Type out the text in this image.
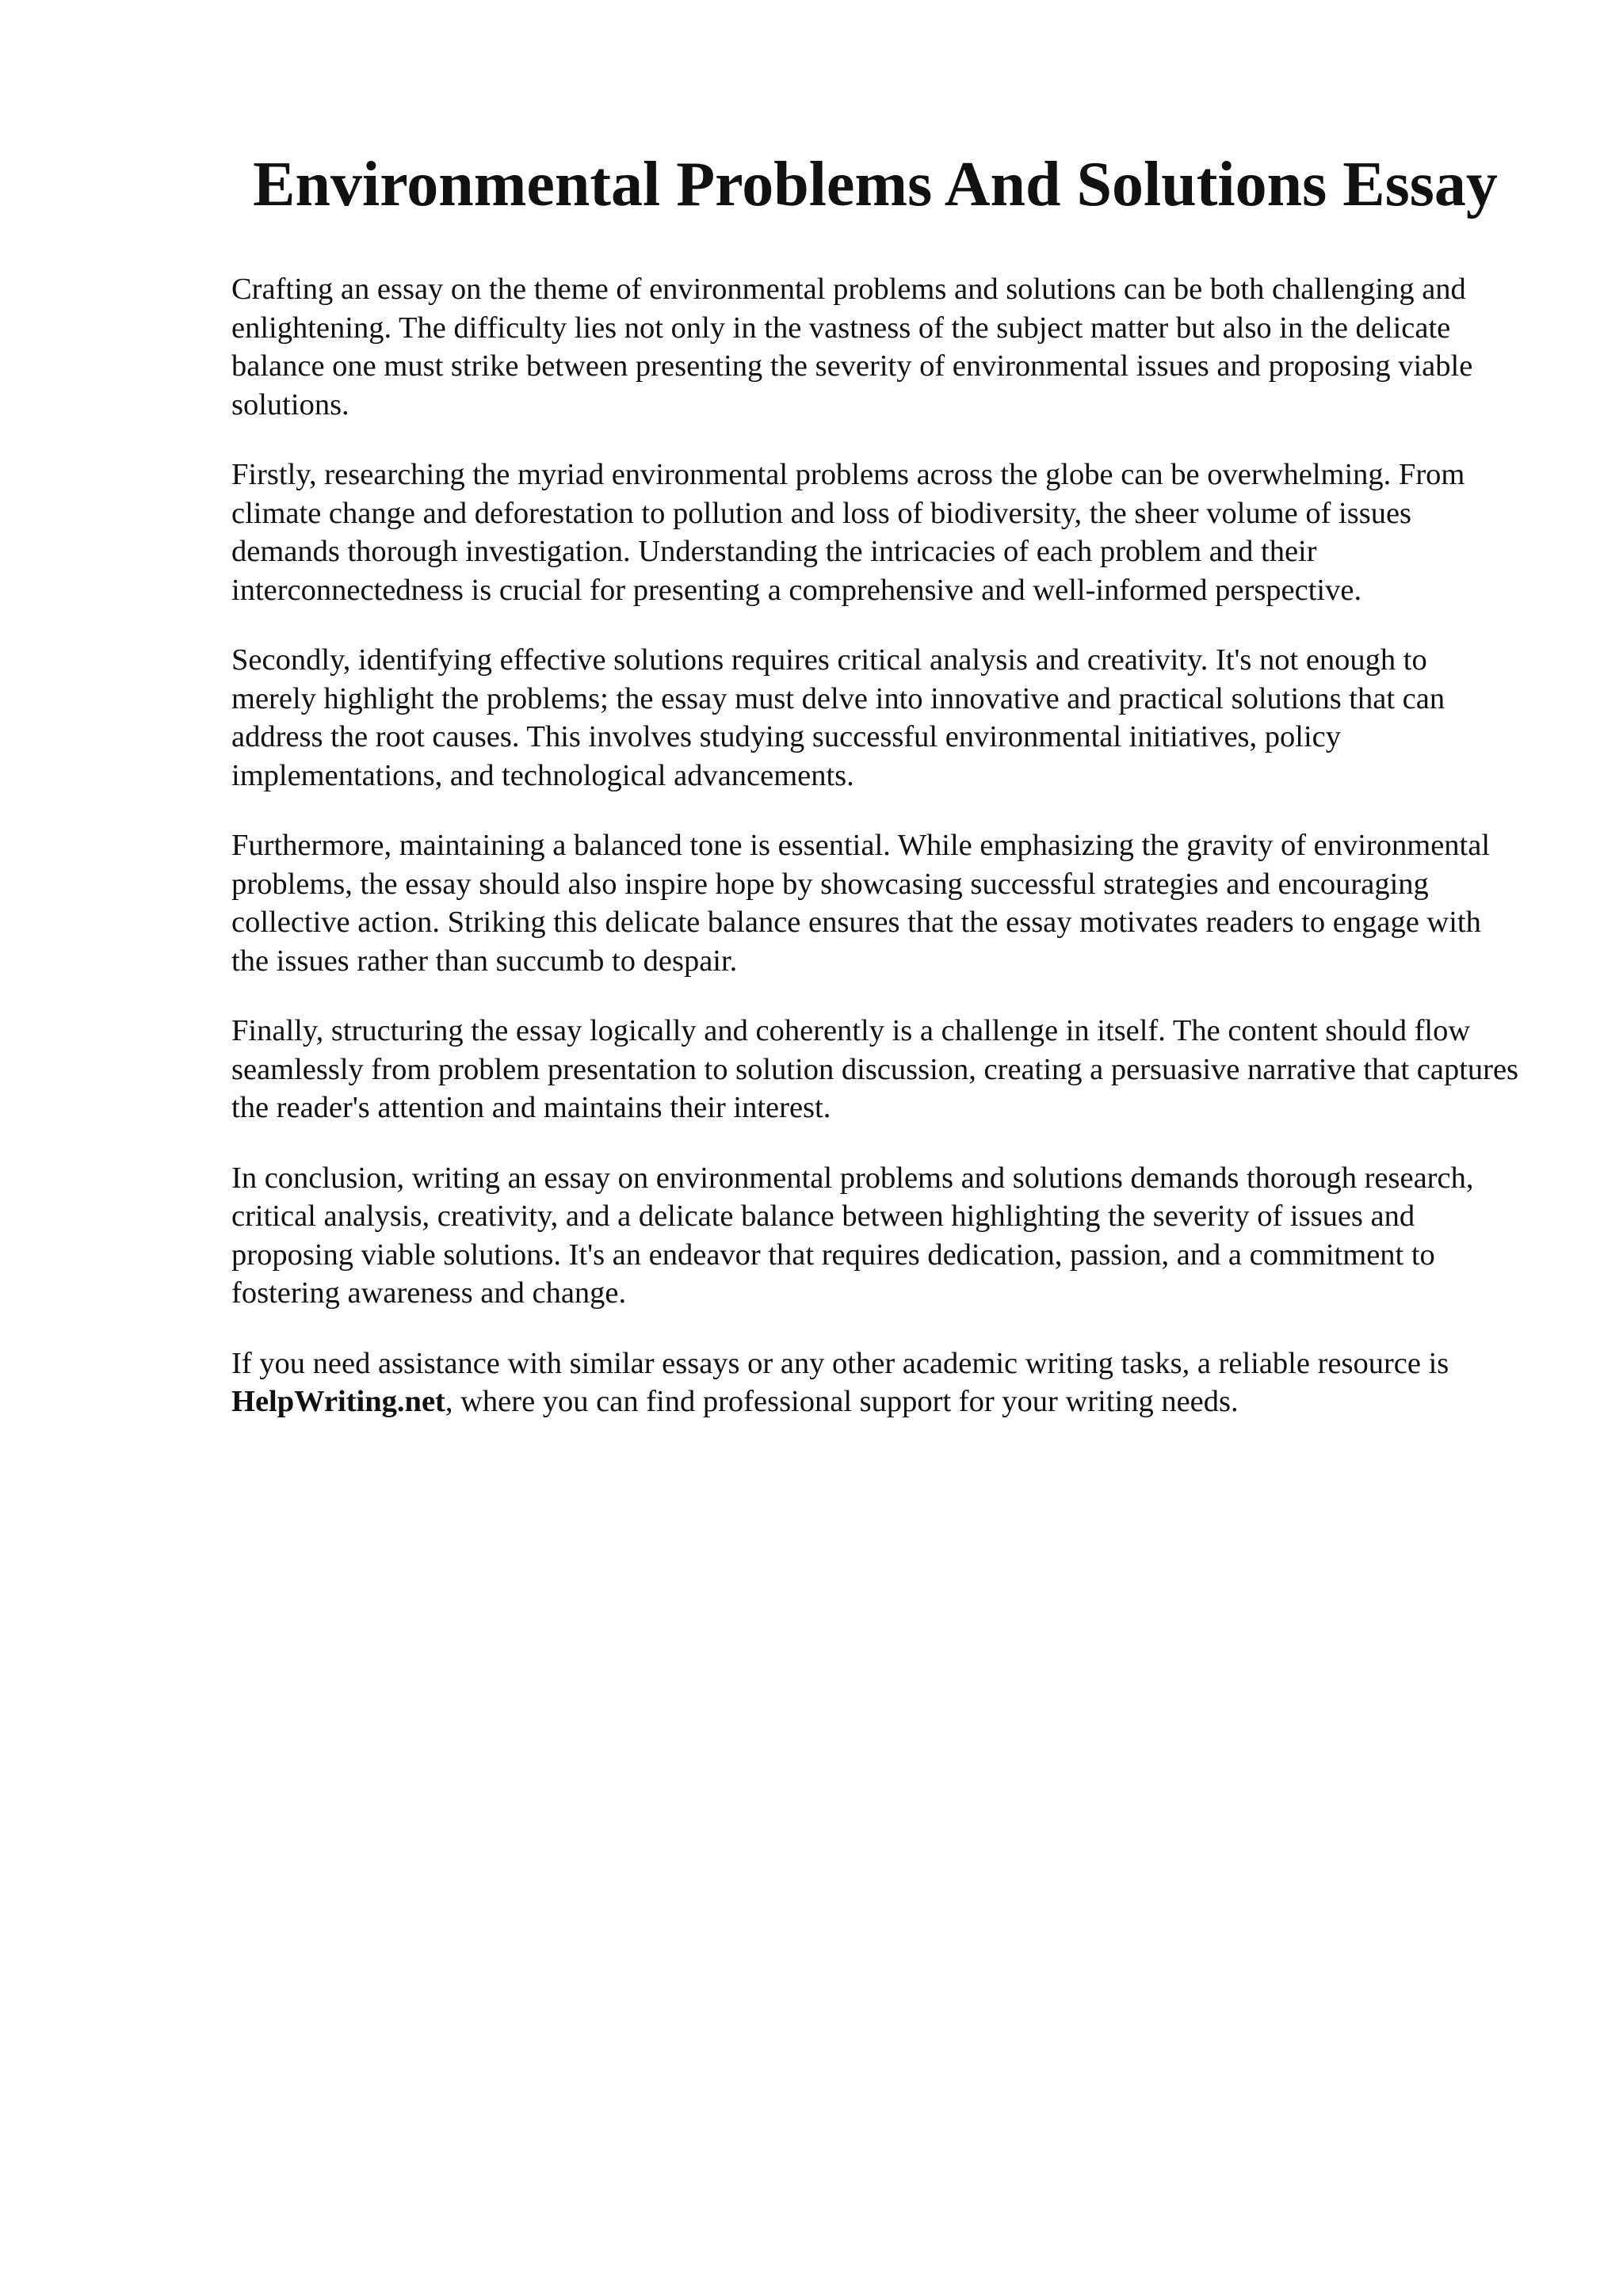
Environmental Problems And Solutions Essay

Crafting an essay on the theme of environmental problems and solutions can be both challenging and enlightening. The difficulty lies not only in the vastness of the subject matter but also in the delicate balance one must strike between presenting the severity of environmental issues and proposing viable solutions.

Firstly, researching the myriad environmental problems across the globe can be overwhelming. From climate change and deforestation to pollution and loss of biodiversity, the sheer volume of issues demands thorough investigation. Understanding the intricacies of each problem and their interconnectedness is crucial for presenting a comprehensive and well-informed perspective.

Secondly, identifying effective solutions requires critical analysis and creativity. It's not enough to merely highlight the problems; the essay must delve into innovative and practical solutions that can address the root causes. This involves studying successful environmental initiatives, policy implementations, and technological advancements.

Furthermore, maintaining a balanced tone is essential. While emphasizing the gravity of environmental problems, the essay should also inspire hope by showcasing successful strategies and encouraging collective action. Striking this delicate balance ensures that the essay motivates readers to engage with the issues rather than succumb to despair.

Finally, structuring the essay logically and coherently is a challenge in itself. The content should flow seamlessly from problem presentation to solution discussion, creating a persuasive narrative that captures the reader's attention and maintains their interest.

In conclusion, writing an essay on environmental problems and solutions demands thorough research, critical analysis, creativity, and a delicate balance between highlighting the severity of issues and proposing viable solutions. It's an endeavor that requires dedication, passion, and a commitment to fostering awareness and change.

If you need assistance with similar essays or any other academic writing tasks, a reliable resource is HelpWriting.net, where you can find professional support for your writing needs.
